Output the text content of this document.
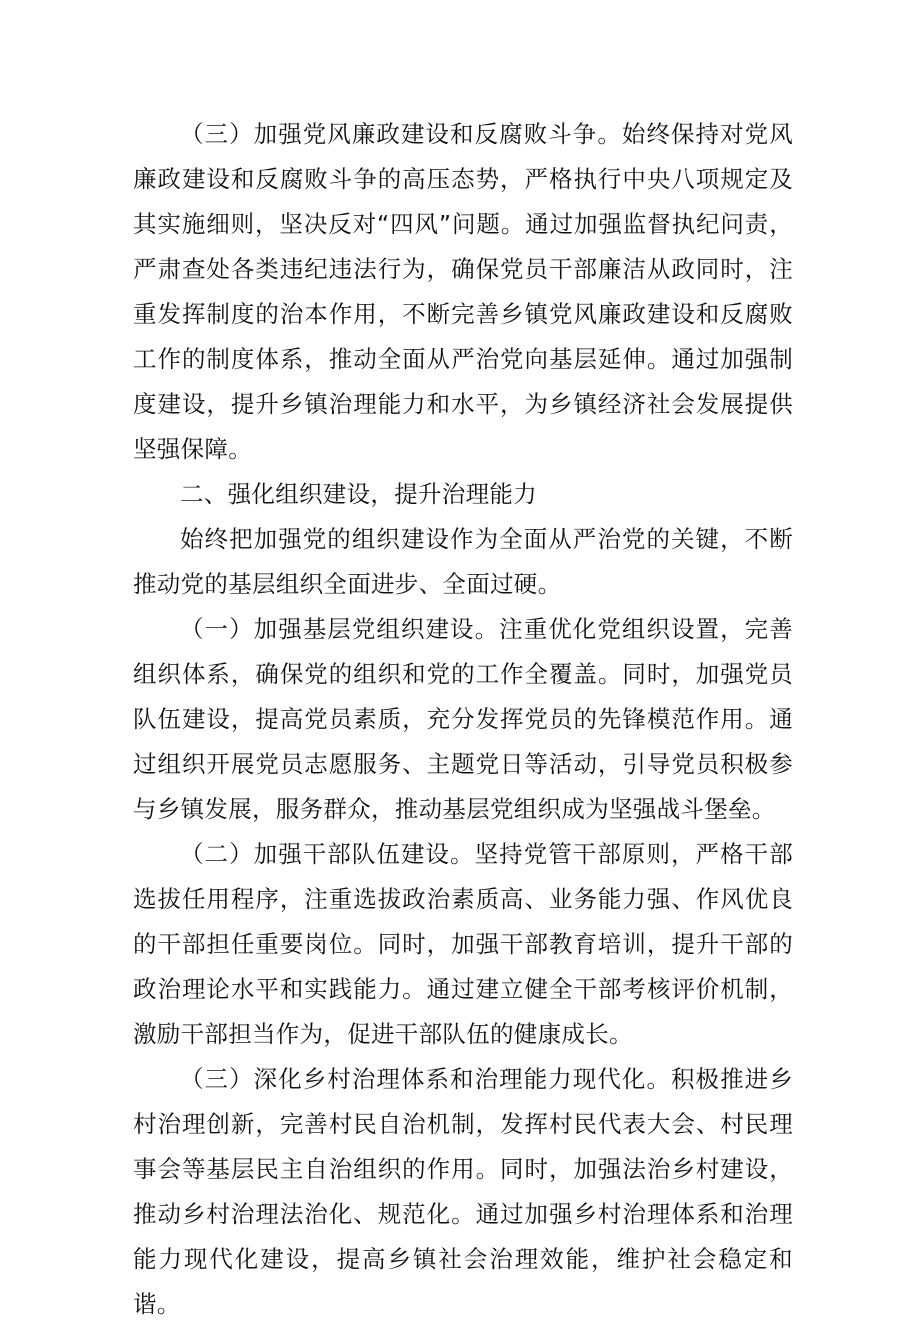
（三）加强党风廉政建设和反腐败斗争。始终保持对党风廉政建设和反腐败斗争的高压态势，严格执行中央八项规定及其实施细则，坚决反对“四风”问题。通过加强监督执纪问责，严肃查处各类违纪违法行为，确保党员干部廉洁从政同时，注重发挥制度的治本作用，不断完善乡镇党风廉政建设和反腐败工作的制度体系，推动全面从严治党向基层延伸。通过加强制度建设，提升乡镇治理能力和水平，为乡镇经济社会发展提供坚强保障。

二、强化组织建设，提升治理能力

始终把加强党的组织建设作为全面从严治党的关键，不断推动党的基层组织全面进步、全面过硬。

（一）加强基层党组织建设。注重优化党组织设置，完善组织体系，确保党的组织和党的工作全覆盖。同时，加强党员队伍建设，提高党员素质，充分发挥党员的先锋模范作用。通过组织开展党员志愿服务、主题党日等活动，引导党员积极参与乡镇发展，服务群众，推动基层党组织成为坚强战斗堡垒。

（二）加强干部队伍建设。坚持党管干部原则，严格干部选拔任用程序，注重选拔政治素质高、业务能力强、作风优良的干部担任重要岗位。同时，加强干部教育培训，提升干部的政治理论水平和实践能力。通过建立健全干部考核评价机制，激励干部担当作为，促进干部队伍的健康成长。

（三）深化乡村治理体系和治理能力现代化。积极推进乡村治理创新，完善村民自治机制，发挥村民代表大会、村民理事会等基层民主自治组织的作用。同时，加强法治乡村建设，推动乡村治理法治化、规范化。通过加强乡村治理体系和治理能力现代化建设，提高乡镇社会治理效能，维护社会稳定和谐。
